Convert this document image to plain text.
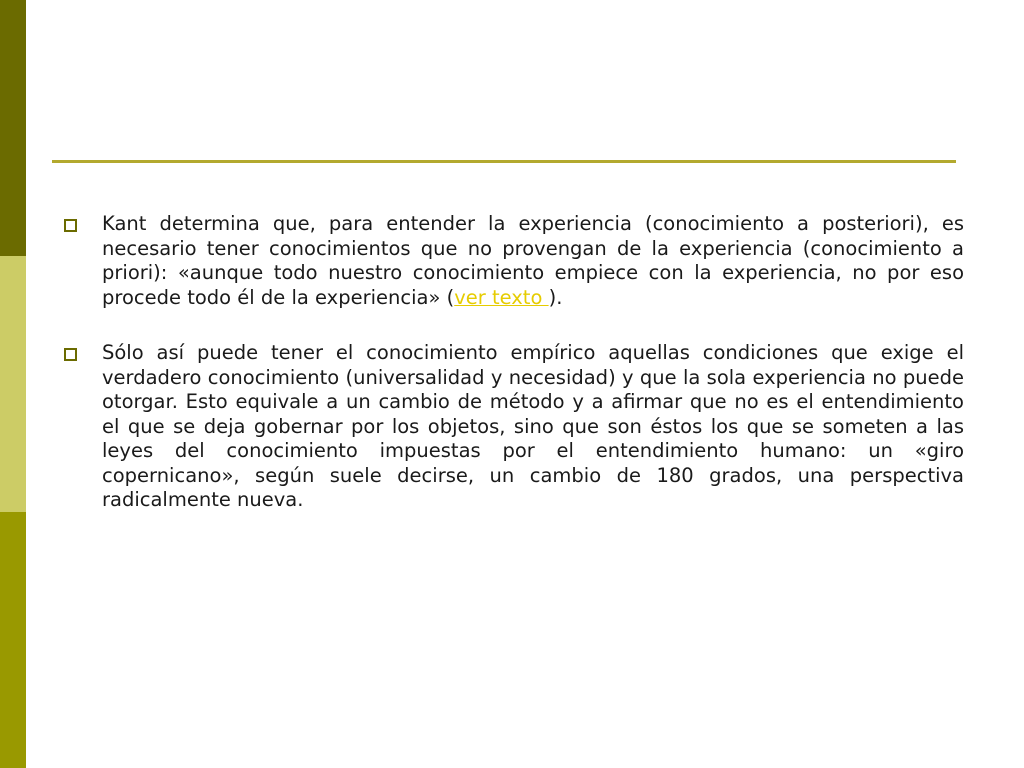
Kant determina que, para entender la experiencia (conocimiento a posteriori), es necesario tener conocimientos que no provengan de la experiencia (conocimiento a priori): «aunque todo nuestro conocimiento empiece con la experiencia, no por eso procede todo él de la experiencia» (ver texto ).
Sólo así puede tener el conocimiento empírico aquellas condiciones que exige el verdadero conocimiento (universalidad y necesidad) y que la sola experiencia no puede otorgar. Esto equivale a un cambio de método y a afirmar que no es el entendimiento el que se deja gobernar por los objetos, sino que son éstos los que se someten a las leyes del conocimiento impuestas por el entendimiento humano: un «giro copernicano», según suele decirse, un cambio de 180 grados, una perspectiva radicalmente nueva.
